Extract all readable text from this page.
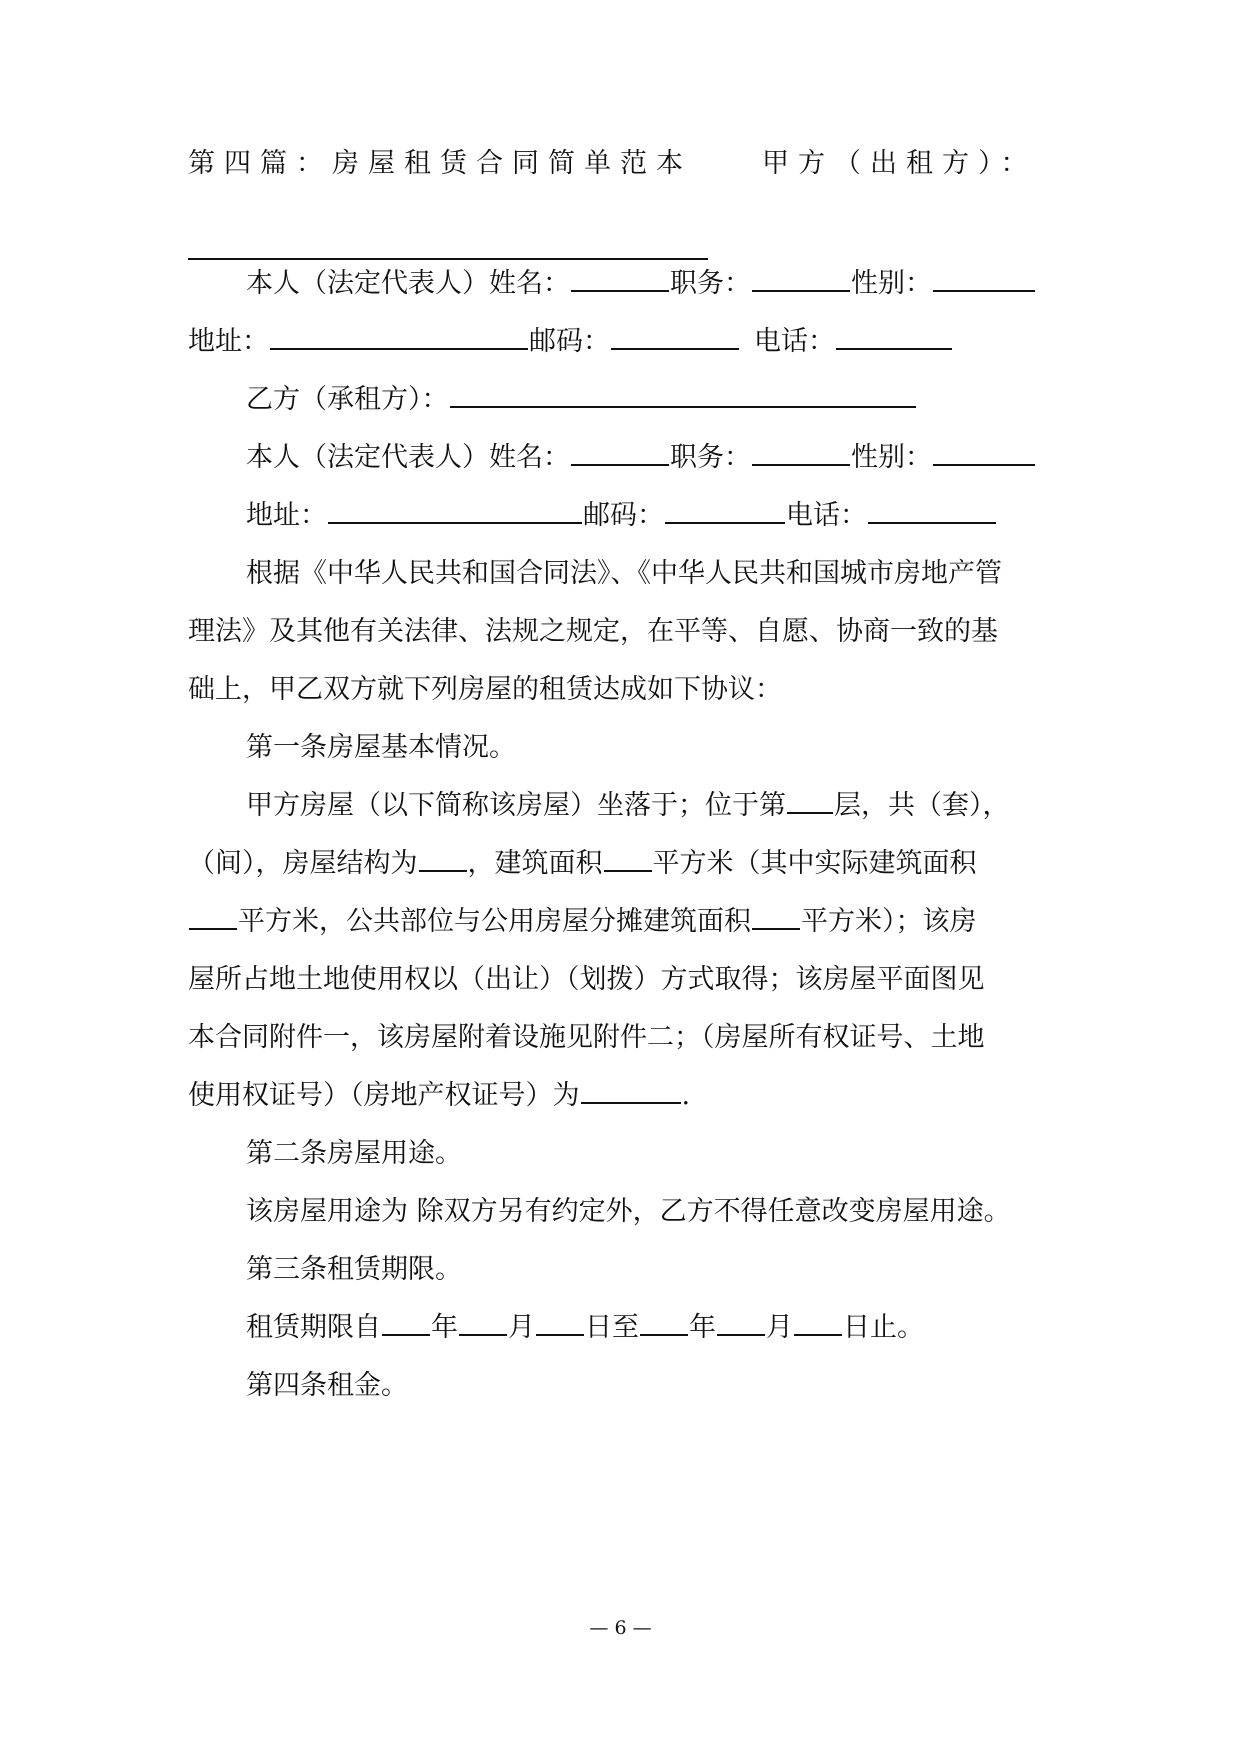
第四篇：房屋租赁合同简单范本	甲方（出租方）：
本人（法定代表人）姓名：	职务：	性别：
地址：	邮码：	电话：
乙方（承租方）：
本人（法定代表人）姓名：	职务：	性别：
地址：	邮码：	电话：
根据《中华人民共和国合同法》、《中华人民共和国城市房地产管
理法》及其他有关法律、法规之规定，在平等、自愿、协商一致的基
础上，甲乙双方就下列房屋的租赁达成如下协议：
第一条房屋基本情况。
甲方房屋（以下简称该房屋）坐落于；位于第 层，共（套），
（间），房屋结构为 ，建筑面积 平方米（其中实际建筑面积
平方米，公共部位与公用房屋分摊建筑面积 平方米）；该房
屋所占地土地使用权以（出让）（划拨）方式取得；该房屋平面图见
本合同附件一，该房屋附着设施见附件二；（房屋所有权证号、土地
使用权证号）（房地产权证号）为	.
第二条房屋用途。
该房屋用途为 除双方另有约定外，乙方不得任意改变房屋用途。
第三条租赁期限。
租赁期限自 年 月 日至 年 月 日止。
第四条租金。
— 6 —
